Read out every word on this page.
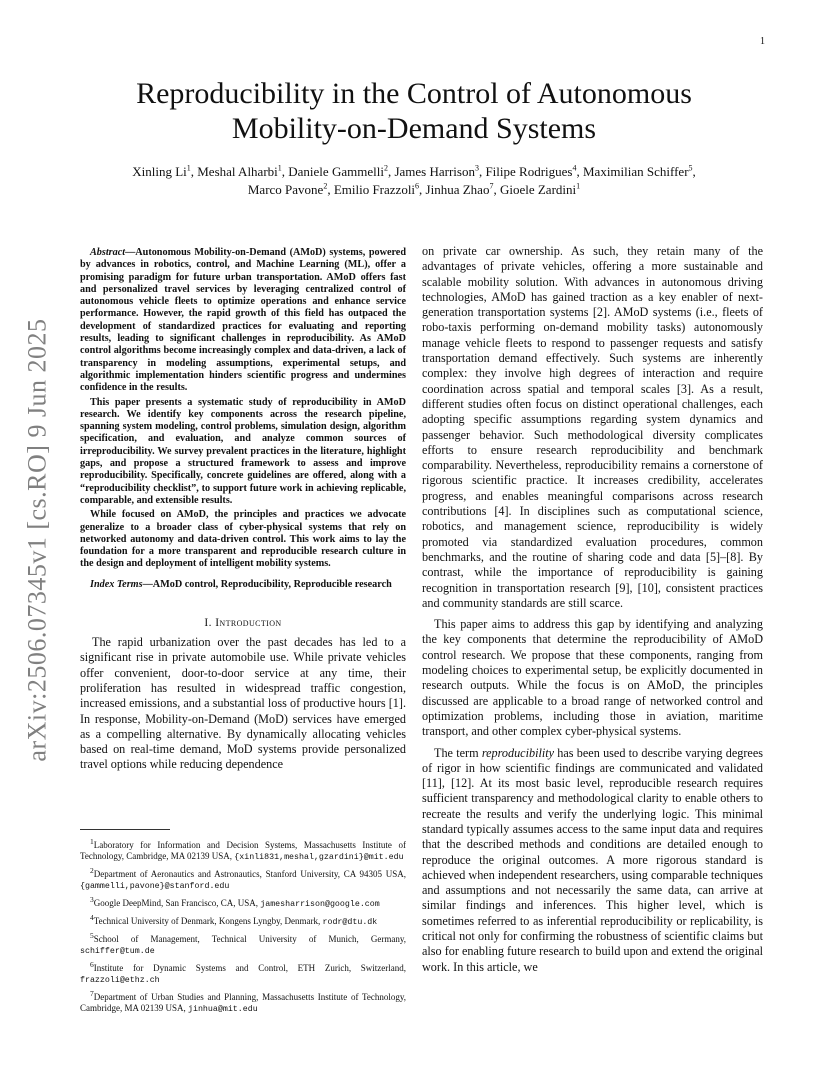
1
arXiv:2506.07345v1 [cs.RO] 9 Jun 2025
Reproducibility in the Control of Autonomous Mobility-on-Demand Systems
Xinling Li$^1$, Meshal Alharbi$^1$, Daniele Gammelli$^2$, James Harrison$^3$, Filipe Rodrigues$^4$, Maximilian Schiffer$^5$,
Marco Pavone$^2$, Emilio Frazzoli$^6$, Jinhua Zhao$^7$, Gioele Zardini$^1$

Abstract—Autonomous Mobility-on-Demand (AMoD) systems, powered by advances in robotics, control, and Machine Learning (ML), offer a promising paradigm for future urban transportation. AMoD offers fast and personalized travel services by leveraging centralized control of autonomous vehicle fleets to optimize operations and enhance service performance. However, the rapid growth of this field has outpaced the development of standardized practices for evaluating and reporting results, leading to significant challenges in reproducibility. As AMoD control algorithms become increasingly complex and data-driven, a lack of transparency in modeling assumptions, experimental setups, and algorithmic implementation hinders scientific progress and undermines confidence in the results.

This paper presents a systematic study of reproducibility in AMoD research. We identify key components across the research pipeline, spanning system modeling, control problems, simulation design, algorithm specification, and evaluation, and analyze common sources of irreproducibility. We survey prevalent practices in the literature, highlight gaps, and propose a structured framework to assess and improve reproducibility. Specifically, concrete guidelines are offered, along with a “reproducibility checklist”, to support future work in achieving replicable, comparable, and extensible results.

While focused on AMoD, the principles and practices we advocate generalize to a broader class of cyber-physical systems that rely on networked autonomy and data-driven control. This work aims to lay the foundation for a more transparent and reproducible research culture in the design and deployment of intelligent mobility systems.

Index Terms—AMoD control, Reproducibility, Reproducible research

I. Introduction

The rapid urbanization over the past decades has led to a significant rise in private automobile use. While private vehicles offer convenient, door-to-door service at any time, their proliferation has resulted in widespread traffic congestion, increased emissions, and a substantial loss of productive hours [1]. In response, Mobility-on-Demand (MoD) services have emerged as a compelling alternative. By dynamically allocating vehicles based on real-time demand, MoD systems provide personalized travel options while reducing dependence

$^1$Laboratory for Information and Decision Systems, Massachusetts Institute of Technology, Cambridge, MA 02139 USA, {xinli831,meshal,gzardini}@mit.edu

$^2$Department of Aeronautics and Astronautics, Stanford University, CA 94305 USA, {gammelli,pavone}@stanford.edu

$^3$Google DeepMind, San Francisco, CA, USA, jamesharrison@google.com

$^4$Technical University of Denmark, Kongens Lyngby, Denmark, rodr@dtu.dk

$^5$School of Management, Technical University of Munich, Germany, schiffer@tum.de

$^6$Institute for Dynamic Systems and Control, ETH Zurich, Switzerland, frazzoli@ethz.ch

$^7$Department of Urban Studies and Planning, Massachusetts Institute of Technology, Cambridge, MA 02139 USA, jinhua@mit.edu

on private car ownership. As such, they retain many of the advantages of private vehicles, offering a more sustainable and scalable mobility solution. With advances in autonomous driving technologies, AMoD has gained traction as a key enabler of next-generation transportation systems [2]. AMoD systems (i.e., fleets of robo-taxis performing on-demand mobility tasks) autonomously manage vehicle fleets to respond to passenger requests and satisfy transportation demand effectively. Such systems are inherently complex: they involve high degrees of interaction and require coordination across spatial and temporal scales [3]. As a result, different studies often focus on distinct operational challenges, each adopting specific assumptions regarding system dynamics and passenger behavior. Such methodological diversity complicates efforts to ensure research reproducibility and benchmark comparability. Nevertheless, reproducibility remains a cornerstone of rigorous scientific practice. It increases credibility, accelerates progress, and enables meaningful comparisons across research contributions [4]. In disciplines such as computational science, robotics, and management science, reproducibility is widely promoted via standardized evaluation procedures, common benchmarks, and the routine of sharing code and data [5]–[8]. By contrast, while the importance of reproducibility is gaining recognition in transportation research [9], [10], consistent practices and community standards are still scarce.

This paper aims to address this gap by identifying and analyzing the key components that determine the reproducibility of AMoD control research. We propose that these components, ranging from modeling choices to experimental setup, be explicitly documented in research outputs. While the focus is on AMoD, the principles discussed are applicable to a broad range of networked control and optimization problems, including those in aviation, maritime transport, and other complex cyber-physical systems.

The term reproducibility has been used to describe varying degrees of rigor in how scientific findings are communicated and validated [11], [12]. At its most basic level, reproducible research requires sufficient transparency and methodological clarity to enable others to recreate the results and verify the underlying logic. This minimal standard typically assumes access to the same input data and requires that the described methods and conditions are detailed enough to reproduce the original outcomes. A more rigorous standard is achieved when independent researchers, using comparable techniques and assumptions and not necessarily the same data, can arrive at similar findings and inferences. This higher level, which is sometimes referred to as inferential reproducibility or replicability, is critical not only for confirming the robustness of scientific claims but also for enabling future research to build upon and extend the original work. In this article, we
